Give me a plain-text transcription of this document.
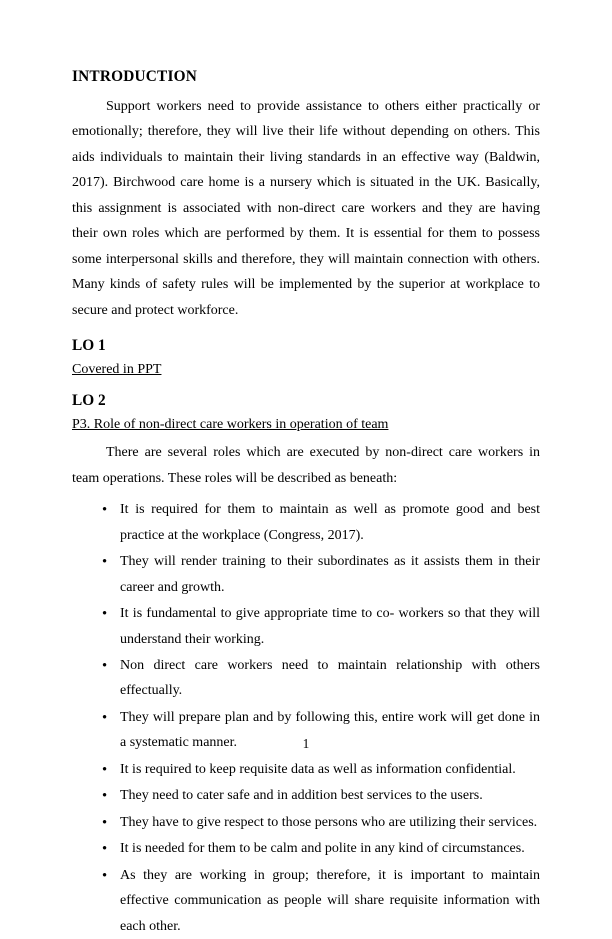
INTRODUCTION

Support workers need to provide assistance to others either practically or emotionally; therefore, they will live their life without depending on others. This aids individuals to maintain their living standards in an effective way (Baldwin, 2017). Birchwood care home is a nursery which is situated in the UK. Basically, this assignment is associated with non-direct care workers and they are having their own roles which are performed by them. It is essential for them to possess some interpersonal skills and therefore, they will maintain connection with others. Many kinds of safety rules will be implemented by the superior at workplace to secure and protect workforce.

LO 1
Covered in PPT
LO 2
P3. Role of non-direct care workers in operation of team

There are several roles which are executed by non-direct care workers in team operations. These roles will be described as beneath:

• It is required for them to maintain as well as promote good and best practice at the workplace (Congress, 2017).
• They will render training to their subordinates as it assists them in their career and growth.
• It is fundamental to give appropriate time to co- workers so that they will understand their working.
• Non direct care workers need to maintain relationship with others effectually.
• They will prepare plan and by following this, entire work will get done in a systematic manner.
• It is required to keep requisite data as well as information confidential.
• They need to cater safe and in addition best services to the users.
• They have to give respect to those persons who are utilizing their services.
• It is needed for them to be calm and polite in any kind of circumstances.
• As they are working in group; therefore, it is important to maintain effective communication as people will share requisite information with each other.
1
